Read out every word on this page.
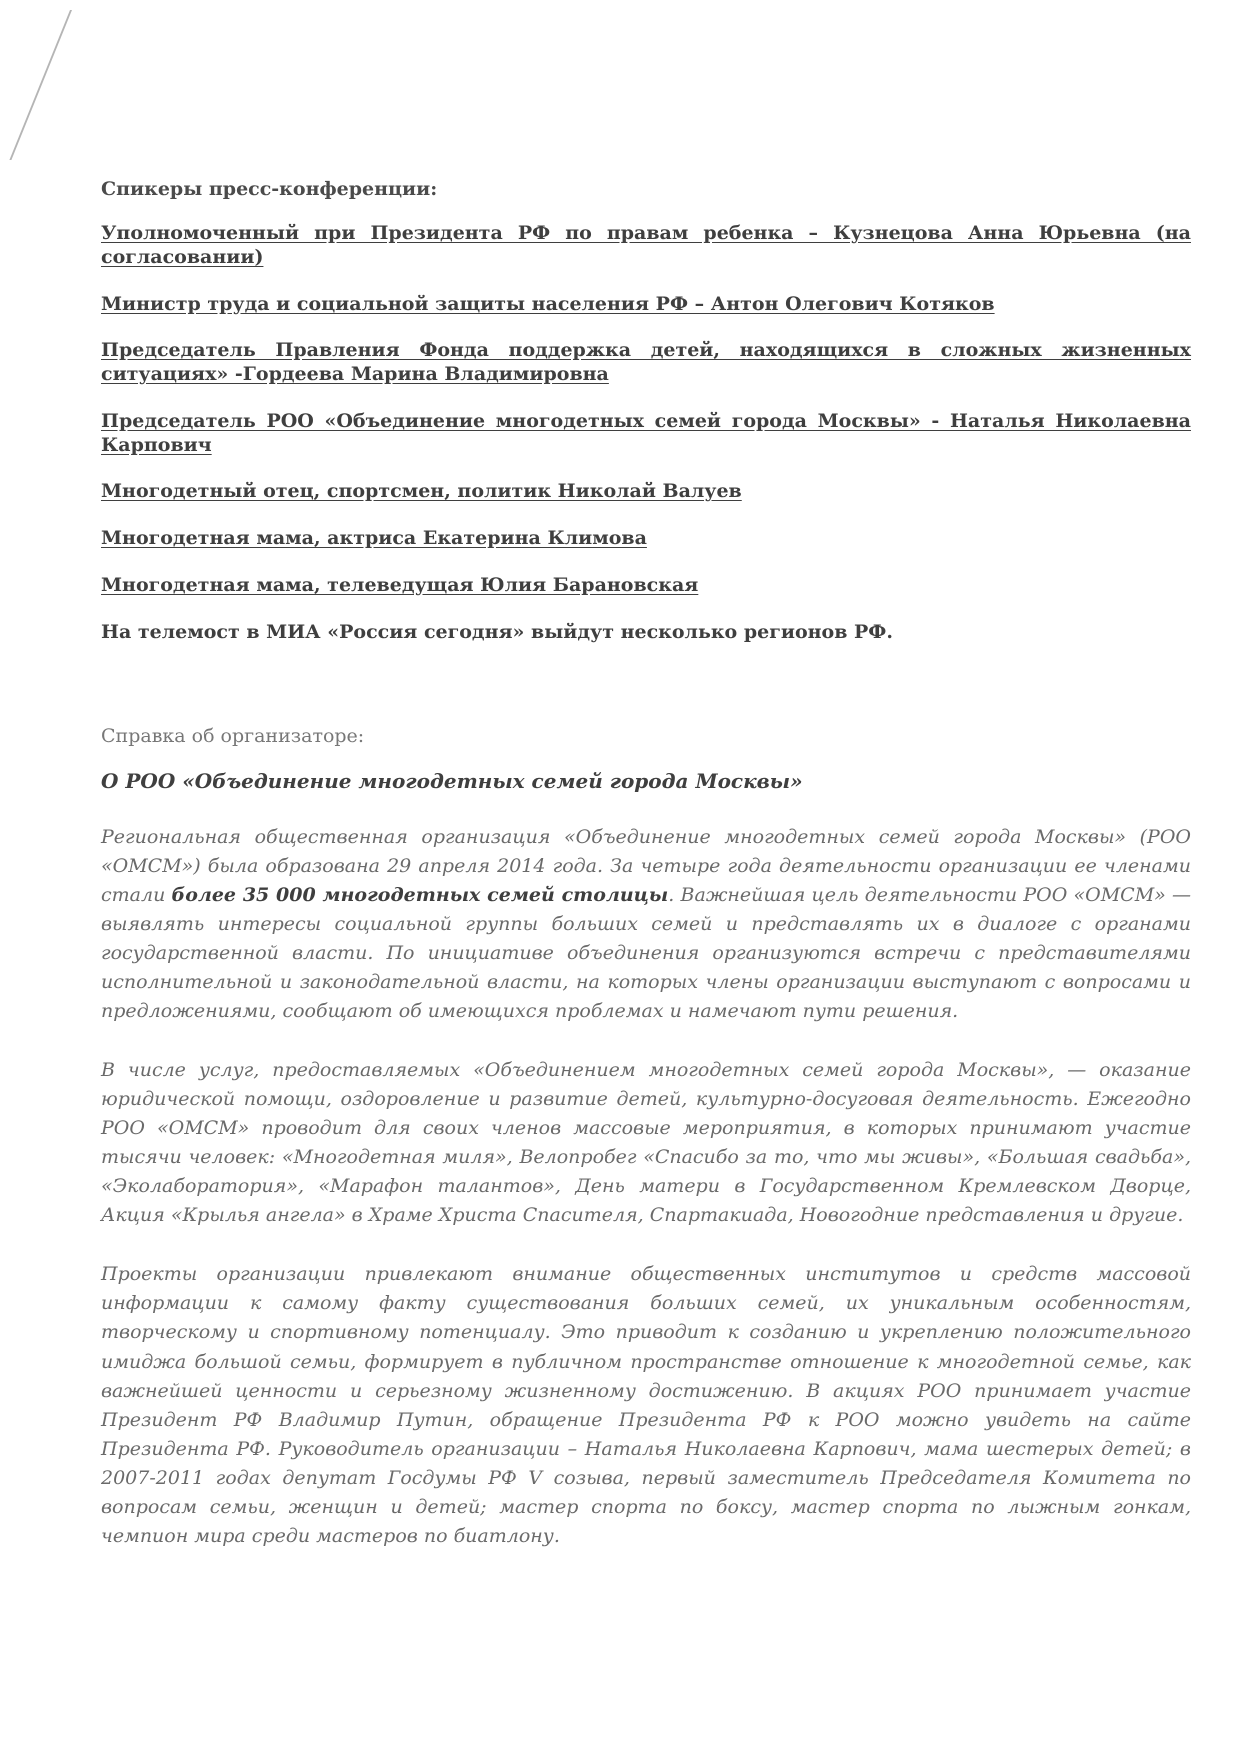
Спикеры пресс-конференции:

Уполномоченный при Президента РФ по правам ребенка – Кузнецова Анна Юрьевна (на согласовании)

Министр труда и социальной защиты населения РФ – Антон Олегович Котяков

Председатель Правления Фонда поддержка детей, находящихся в сложных жизненных ситуациях» -Гордеева Марина Владимировна

Председатель РОО «Объединение многодетных семей города Москвы» - Наталья Николаевна Карпович

Многодетный отец, спортсмен, политик Николай Валуев

Многодетная мама, актриса Екатерина Климова

Многодетная мама, телеведущая Юлия Барановская

На телемост в МИА «Россия сегодня» выйдут несколько регионов РФ.

Справка об организаторе:

О РОО «Объединение многодетных семей города Москвы»

Региональная общественная организация «Объединение многодетных семей города Москвы» (РОО «ОМСМ») была образована 29 апреля 2014 года. За четыре года деятельности организации ее членами стали более 35 000 многодетных семей столицы. Важнейшая цель деятельности РОО «ОМСМ» — выявлять интересы социальной группы больших семей и представлять их в диалоге с органами государственной власти. По инициативе объединения организуются встречи с представителями исполнительной и законодательной власти, на которых члены организации выступают с вопросами и предложениями, сообщают об имеющихся проблемах и намечают пути решения.

В числе услуг, предоставляемых «Объединением многодетных семей города Москвы», — оказание юридической помощи, оздоровление и развитие детей, культурно-досуговая деятельность. Ежегодно РОО «ОМСМ» проводит для своих членов массовые мероприятия, в которых принимают участие тысячи человек: «Многодетная миля», Велопробег «Спасибо за то, что мы живы», «Большая свадьба», «Эколаборатория», «Марафон талантов», День матери в Государственном Кремлевском Дворце, Акция «Крылья ангела» в Храме Христа Спасителя, Спартакиада, Новогодние представления и другие.

Проекты организации привлекают внимание общественных институтов и средств массовой информации к самому факту существования больших семей, их уникальным особенностям, творческому и спортивному потенциалу. Это приводит к созданию и укреплению положительного имиджа большой семьи, формирует в публичном пространстве отношение к многодетной семье, как важнейшей ценности и серьезному жизненному достижению. В акциях РОО принимает участие Президент РФ Владимир Путин, обращение Президента РФ к РОО можно увидеть на сайте Президента РФ. Руководитель организации – Наталья Николаевна Карпович, мама шестерых детей; в 2007-2011 годах депутат Госдумы РФ V созыва, первый заместитель Председателя Комитета по вопросам семьи, женщин и детей; мастер спорта по боксу, мастер спорта по лыжным гонкам, чемпион мира среди мастеров по биатлону.
